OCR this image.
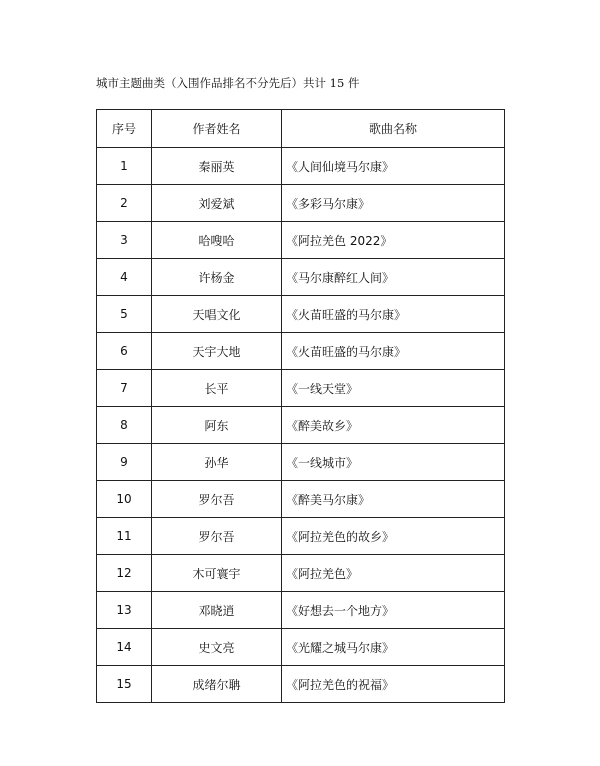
城市主题曲类（入围作品排名不分先后）共计 15 件
序号	作者姓名	歌曲名称
1	秦丽英	《人间仙境马尔康》
2	刘爱斌	《多彩马尔康》
3	哈嗖哈	《阿拉羌色 2022》
4	许杨金	《马尔康醉红人间》
5	天唱文化	《火苗旺盛的马尔康》
6	天宇大地	《火苗旺盛的马尔康》
7	长平	《一线天堂》
8	阿东	《醉美故乡》
9	孙华	《一线城市》
10	罗尔吾	《醉美马尔康》
11	罗尔吾	《阿拉羌色的故乡》
12	木可寰宇	《阿拉羌色》
13	邓晓逍	《好想去一个地方》
14	史文亮	《光耀之城马尔康》
15	成绪尔聃	《阿拉羌色的祝福》
